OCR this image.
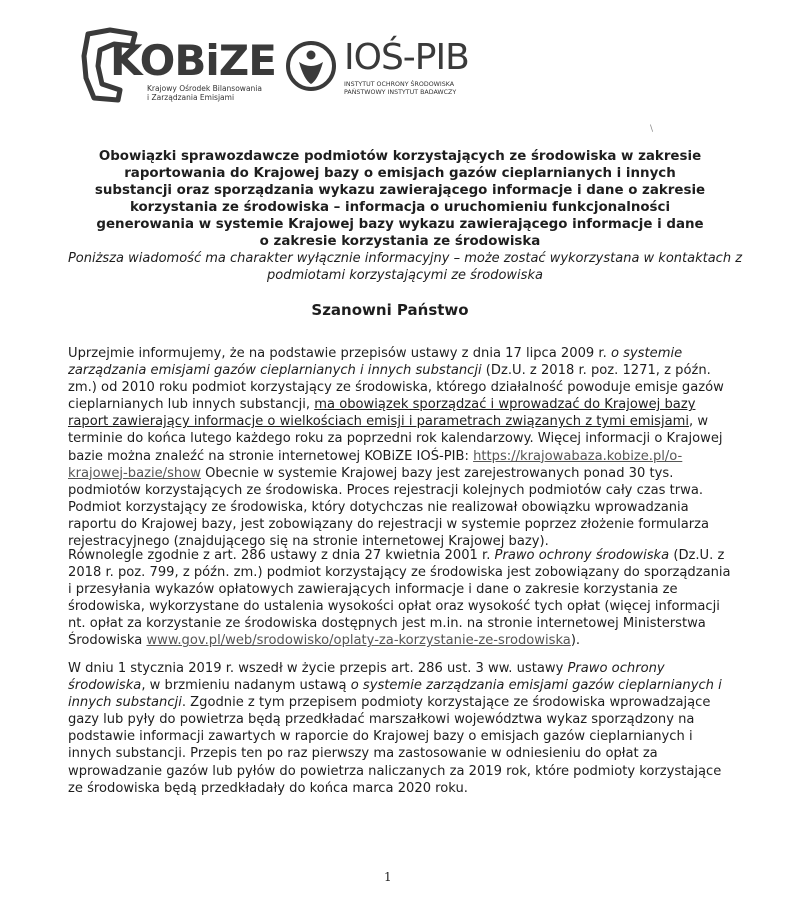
KOBiZE
Krajowy Ośrodek Bilansowania
i Zarządzania Emisjami
IOŚ-PIB
INSTYTUT OCHRONY ŚRODOWISKA
PAŃSTWOWY INSTYTUT BADAWCZY
\
Obowiązki sprawozdawcze podmiotów korzystających ze środowiska w zakresie raportowania do Krajowej bazy o emisjach gazów cieplarnianych i innych substancji oraz sporządzania wykazu zawierającego informacje i dane o zakresie korzystania ze środowiska – informacja o uruchomieniu funkcjonalności generowania w systemie Krajowej bazy wykazu zawierającego informacje i dane o zakresie korzystania ze środowiska
Poniższa wiadomość ma charakter wyłącznie informacyjny – może zostać wykorzystana w kontaktach z podmiotami korzystającymi ze środowiska
Szanowni Państwo

Uprzejmie informujemy, że na podstawie przepisów ustawy z dnia 17 lipca 2009 r. o systemie zarządzania emisjami gazów cieplarnianych i innych substancji (Dz.U. z 2018 r. poz. 1271, z późn. zm.) od 2010 roku podmiot korzystający ze środowiska, którego działalność powoduje emisje gazów cieplarnianych lub innych substancji, ma obowiązek sporządzać i wprowadzać do Krajowej bazy raport zawierający informacje o wielkościach emisji i parametrach związanych z tymi emisjami, w terminie do końca lutego każdego roku za poprzedni rok kalendarzowy. Więcej informacji o Krajowej bazie można znaleźć na stronie internetowej KOBiZE IOŚ-PIB: https://krajowabaza.kobize.pl/o-krajowej-bazie/show Obecnie w systemie Krajowej bazy jest zarejestrowanych ponad 30 tys. podmiotów korzystających ze środowiska. Proces rejestracji kolejnych podmiotów cały czas trwa. Podmiot korzystający ze środowiska, który dotychczas nie realizował obowiązku wprowadzania raportu do Krajowej bazy, jest zobowiązany do rejestracji w systemie poprzez złożenie formularza rejestracyjnego (znajdującego się na stronie internetowej Krajowej bazy).

Równolegle zgodnie z art. 286 ustawy z dnia 27 kwietnia 2001 r. Prawo ochrony środowiska (Dz.U. z 2018 r. poz. 799, z późn. zm.) podmiot korzystający ze środowiska jest zobowiązany do sporządzania i przesyłania wykazów opłatowych zawierających informacje i dane o zakresie korzystania ze środowiska, wykorzystane do ustalenia wysokości opłat oraz wysokość tych opłat (więcej informacji nt. opłat za korzystanie ze środowiska dostępnych jest m.in. na stronie internetowej Ministerstwa Środowiska www.gov.pl/web/srodowisko/oplaty-za-korzystanie-ze-srodowiska).

W dniu 1 stycznia 2019 r. wszedł w życie przepis art. 286 ust. 3 ww. ustawy Prawo ochrony środowiska, w brzmieniu nadanym ustawą o systemie zarządzania emisjami gazów cieplarnianych i innych substancji. Zgodnie z tym przepisem podmioty korzystające ze środowiska wprowadzające gazy lub pyły do powietrza będą przedkładać marszałkowi województwa wykaz sporządzony na podstawie informacji zawartych w raporcie do Krajowej bazy o emisjach gazów cieplarnianych i innych substancji. Przepis ten po raz pierwszy ma zastosowanie w odniesieniu do opłat za wprowadzanie gazów lub pyłów do powietrza naliczanych za 2019 rok, które podmioty korzystające ze środowiska będą przedkładały do końca marca 2020 roku.

1
